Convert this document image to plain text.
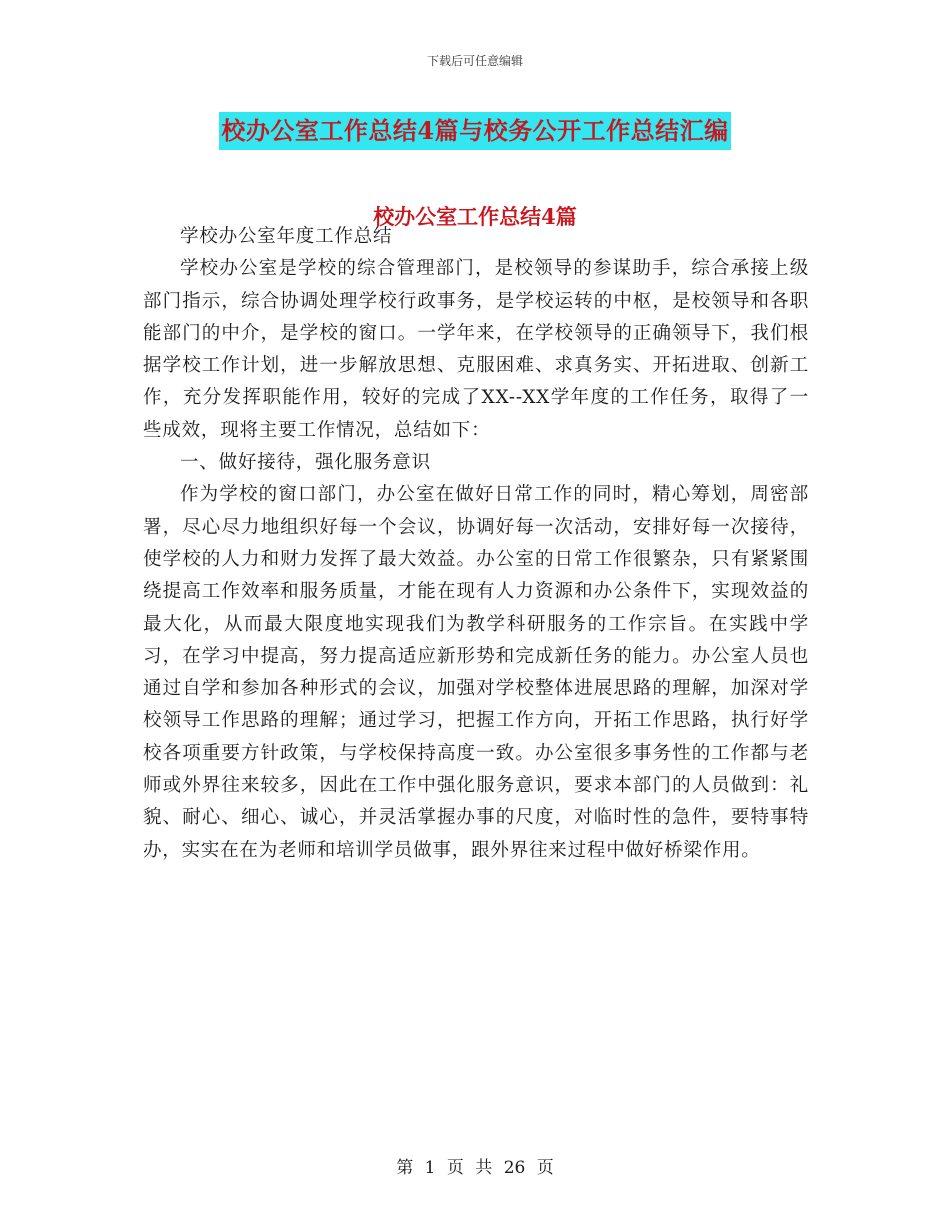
下载后可任意编辑
校办公室工作总结4篇与校务公开工作总结汇编
校办公室工作总结4篇

学校办公室年度工作总结

学校办公室是学校的综合管理部门，是校领导的参谋助手，综合承接上级部门指示，综合协调处理学校行政事务，是学校运转的中枢，是校领导和各职能部门的中介，是学校的窗口。一学年来，在学校领导的正确领导下，我们根据学校工作计划，进一步解放思想、克服困难、求真务实、开拓进取、创新工作，充分发挥职能作用，较好的完成了XX--XX学年度的工作任务，取得了一些成效，现将主要工作情况，总结如下：

一、做好接待，强化服务意识

作为学校的窗口部门，办公室在做好日常工作的同时，精心筹划，周密部署，尽心尽力地组织好每一个会议，协调好每一次活动，安排好每一次接待，使学校的人力和财力发挥了最大效益。办公室的日常工作很繁杂，只有紧紧围绕提高工作效率和服务质量，才能在现有人力资源和办公条件下，实现效益的最大化，从而最大限度地实现我们为教学科研服务的工作宗旨。在实践中学习，在学习中提高，努力提高适应新形势和完成新任务的能力。办公室人员也通过自学和参加各种形式的会议，加强对学校整体进展思路的理解，加深对学校领导工作思路的理解；通过学习，把握工作方向，开拓工作思路，执行好学校各项重要方针政策，与学校保持高度一致。办公室很多事务性的工作都与老师或外界往来较多，因此在工作中强化服务意识，要求本部门的人员做到：礼貌、耐心、细心、诚心，并灵活掌握办事的尺度，对临时性的急件，要特事特办，实实在在为老师和培训学员做事，跟外界往来过程中做好桥梁作用。

第 1 页 共 26 页
